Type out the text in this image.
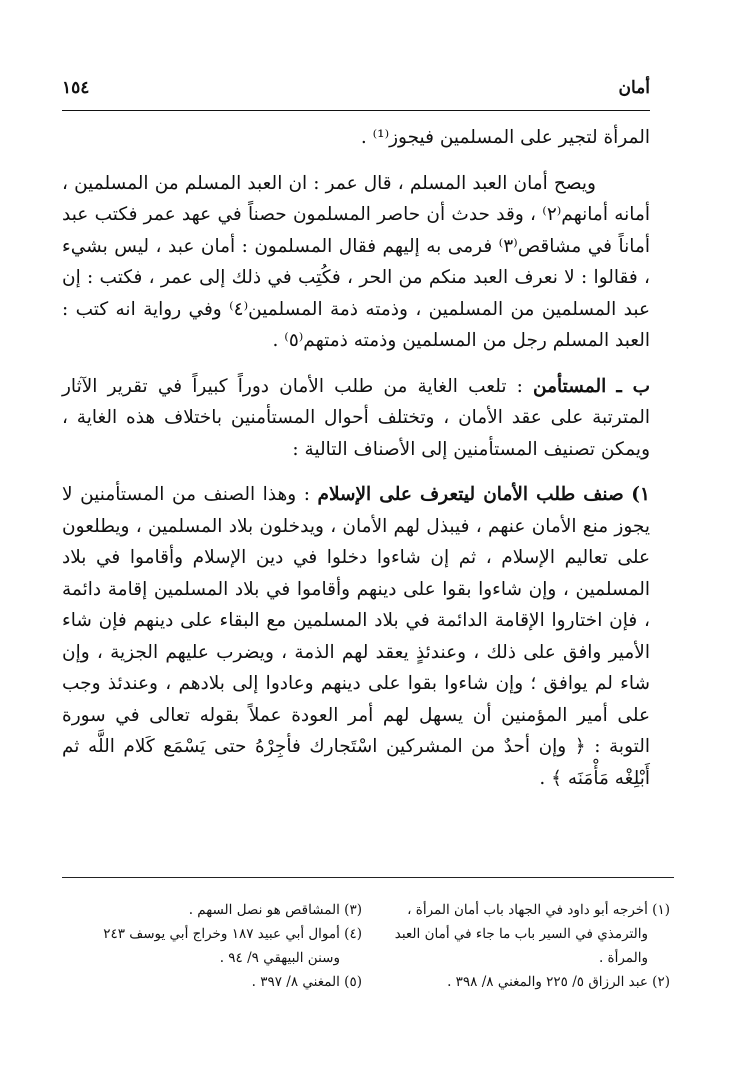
أمان
١٥٤

المرأة لتجير على المسلمين فيجوز⁽¹⁾ .

ويصح أمان العبد المسلم ، قال عمر : ان العبد المسلم من المسلمين ، أمانه أمانهم⁽٢⁾ ، وقد حدث أن حاصر المسلمون حصناً في عهد عمر فكتب عبد أماناً في مشاقص⁽٣⁾ فرمى به إليهم فقال المسلمون : أمان عبد ، ليس بشيء ، فقالوا : لا نعرف العبد منكم من الحر ، فكُتِب في ذلك إلى عمر ، فكتب : إن عبد المسلمين من المسلمين ، وذمته ذمة المسلمين⁽٤⁾ وفي رواية انه كتب : العبد المسلم رجل من المسلمين وذمته ذمتهم⁽٥⁾ .

ب ـ المستأمن : تلعب الغاية من طلب الأمان دوراً كبيراً في تقرير الآثار المترتبة على عقد الأمان ، وتختلف أحوال المستأمنين باختلاف هذه الغاية ، ويمكن تصنيف المستأمنين إلى الأصناف التالية :

١) صنف طلب الأمان ليتعرف على الإسلام : وهذا الصنف من المستأمنين لا يجوز منع الأمان عنهم ، فيبذل لهم الأمان ، ويدخلون بلاد المسلمين ، ويطلعون على تعاليم الإسلام ، ثم إن شاءوا دخلوا في دين الإسلام وأقاموا في بلاد المسلمين ، وإن شاءوا بقوا على دينهم وأقاموا في بلاد المسلمين إقامة دائمة ، فإن اختاروا الإقامة الدائمة في بلاد المسلمين مع البقاء على دينهم فإن شاء الأمير وافق على ذلك ، وعندئذٍ يعقد لهم الذمة ، ويضرب عليهم الجزية ، وإن شاء لم يوافق ؛ وإن شاءوا بقوا على دينهم وعادوا إلى بلادهم ، وعندئذ وجب على أمير المؤمنين أن يسهل لهم أمر العودة عملاً بقوله تعالى في سورة التوبة : ﴿ وإن أحدٌ من المشركين اسْتَجارك فأجِرْهُ حتى يَسْمَع كَلام اللَّه ثم أَبْلِغْه مَأْمَنَه ﴾ .

(١) أخرجه أبو داود في الجهاد باب أمان المرأة ،
والترمذي في السير باب ما جاء في أمان العبد
والمرأة .
(٢) عبد الرزاق ٥/ ٢٢٥ والمغني ٨/ ٣٩٨ .
(٣) المشاقص هو نصل السهم .
(٤) أموال أبي عبيد ١٨٧ وخراج أبي يوسف ٢٤٣
وسنن البيهقي ٩/ ٩٤ .
(٥) المغني ٨/ ٣٩٧ .
